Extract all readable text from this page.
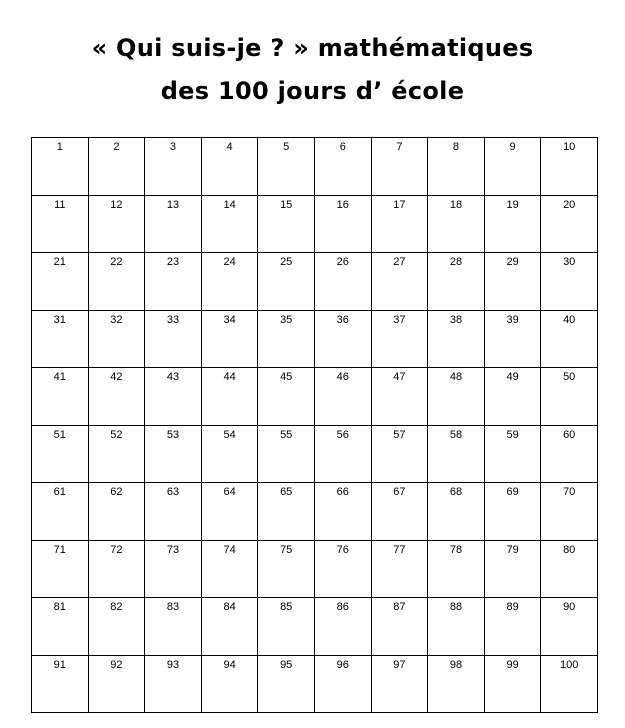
« Qui suis-je ? » mathématiques
des 100 jours d’ école
1	2	3	4	5	6	7	8	9	10
11	12	13	14	15	16	17	18	19	20
21	22	23	24	25	26	27	28	29	30
31	32	33	34	35	36	37	38	39	40
41	42	43	44	45	46	47	48	49	50
51	52	53	54	55	56	57	58	59	60
61	62	63	64	65	66	67	68	69	70
71	72	73	74	75	76	77	78	79	80
81	82	83	84	85	86	87	88	89	90
91	92	93	94	95	96	97	98	99	100
